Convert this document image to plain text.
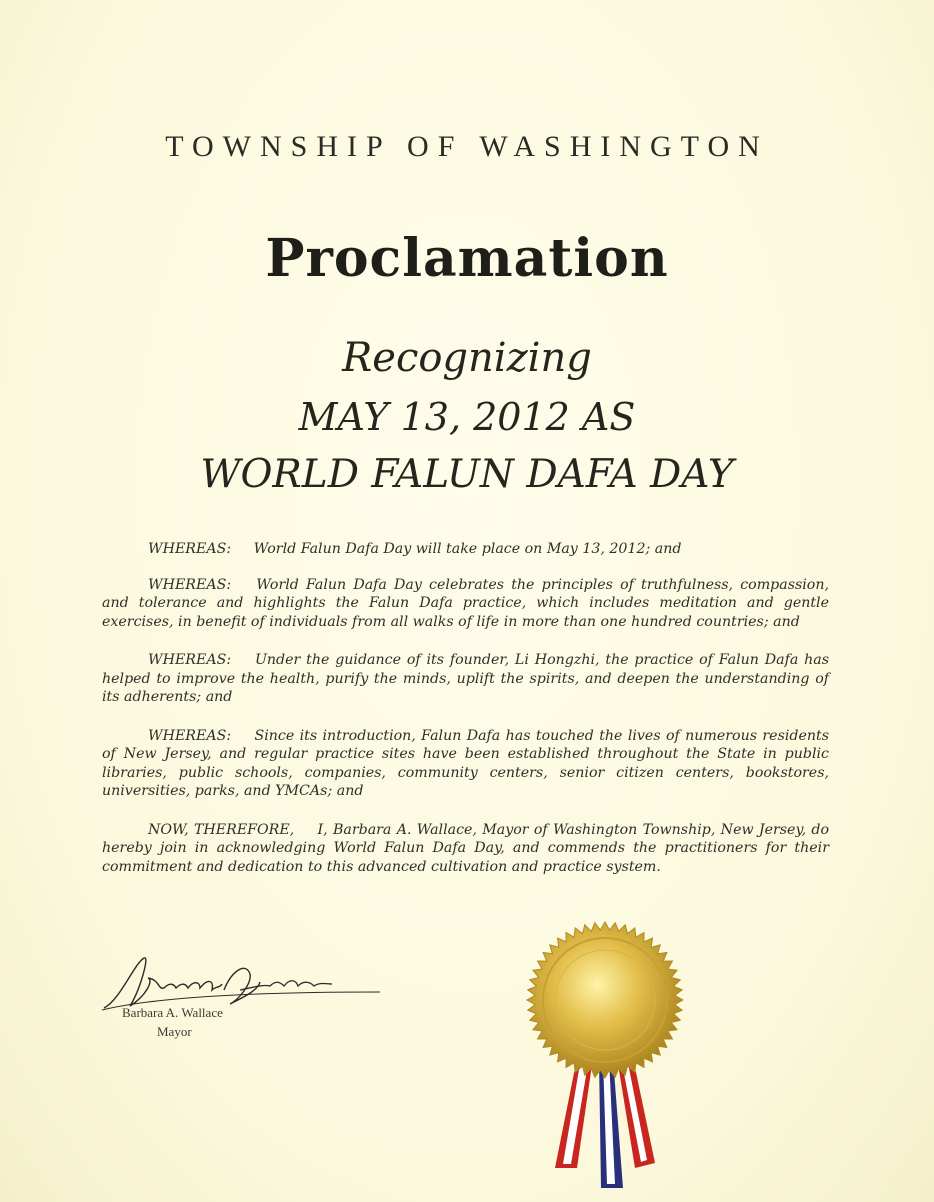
TOWNSHIP OF WASHINGTON
Proclamation
Recognizing
MAY 13, 2012 AS
WORLD FALUN DAFA DAY

WHEREAS: World Falun Dafa Day will take place on May 13, 2012; and

WHEREAS: World Falun Dafa Day celebrates the principles of truthfulness, compassion, and tolerance and highlights the Falun Dafa practice, which includes meditation and gentle exercises, in benefit of individuals from all walks of life in more than one hundred countries; and

WHEREAS: Under the guidance of its founder, Li Hongzhi, the practice of Falun Dafa has helped to improve the health, purify the minds, uplift the spirits, and deepen the understanding of its adherents; and

WHEREAS: Since its introduction, Falun Dafa has touched the lives of numerous residents of New Jersey, and regular practice sites have been established throughout the State in public libraries, public schools, companies, community centers, senior citizen centers, bookstores, universities, parks, and YMCAs; and

NOW, THEREFORE, I, Barbara A. Wallace, Mayor of Washington Township, New Jersey, do hereby join in acknowledging World Falun Dafa Day, and commends the practitioners for their commitment and dedication to this advanced cultivation and practice system.

Barbara A. Wallace
Mayor
